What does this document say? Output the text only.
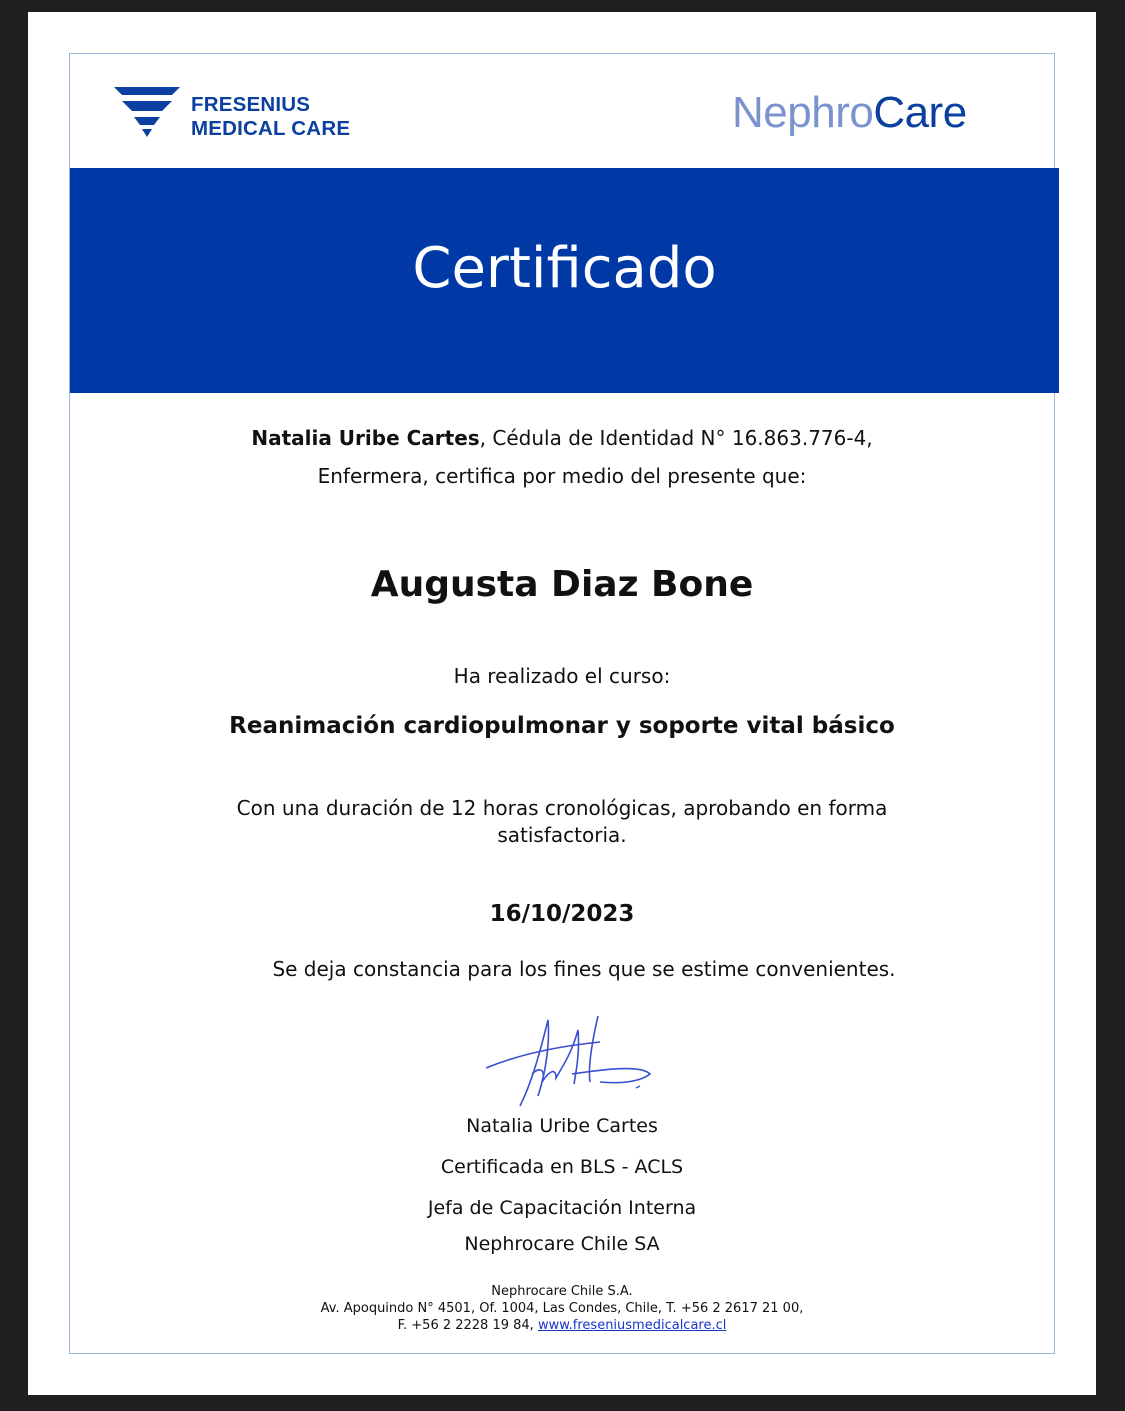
FRESENIUS
MEDICAL CARE	NephroCare
Certificado
Natalia Uribe Cartes, Cédula de Identidad N° 16.863.776-4,
Enfermera, certifica por medio del presente que:
Augusta Diaz Bone
Ha realizado el curso:
Reanimación cardiopulmonar y soporte vital básico
Con una duración de 12 horas cronológicas, aprobando en forma
satisfactoria.
16/10/2023
Se deja constancia para los fines que se estime convenientes.
Natalia Uribe Cartes
Certificada en BLS - ACLS
Jefa de Capacitación Interna
Nephrocare Chile SA
Nephrocare Chile S.A.
Av. Apoquindo N° 4501, Of. 1004, Las Condes, Chile, T. +56 2 2617 21 00,
F. +56 2 2228 19 84, www.freseniusmedicalcare.cl
